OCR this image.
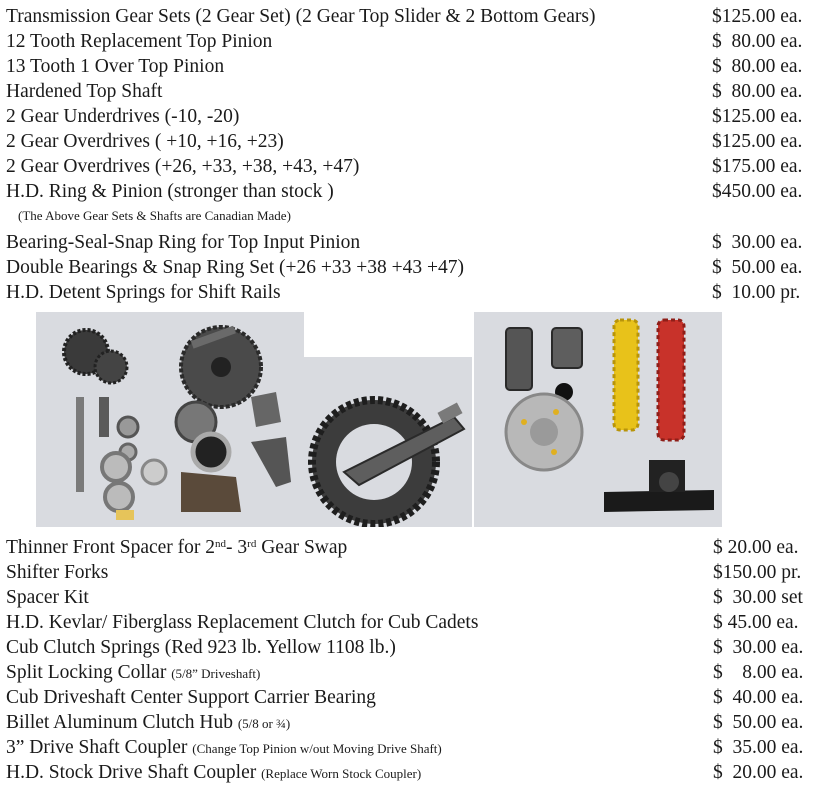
Transmission Gear Sets (2 Gear Set) (2 Gear Top Slider & 2 Bottom Gears)	$125.00 ea.
12 Tooth Replacement Top Pinion	$  80.00 ea.
13 Tooth 1 Over Top Pinion	$  80.00 ea.
Hardened Top Shaft	$  80.00 ea.
2 Gear Underdrives (-10, -20)	$125.00 ea.
2 Gear Overdrives ( +10, +16, +23)	$125.00 ea.
2 Gear Overdrives (+26, +33, +38, +43, +47)	$175.00 ea.
H.D. Ring & Pinion (stronger than stock )	$450.00 ea.
(The Above Gear Sets & Shafts are Canadian Made)
Bearing-Seal-Snap Ring for Top Input Pinion	$  30.00 ea.
Double Bearings & Snap Ring Set (+26 +33 +38 +43 +47)	$  50.00 ea.
H.D. Detent Springs for Shift Rails	$  10.00 pr.
Thinner Front Spacer for 2nd- 3rd Gear Swap	$ 20.00 ea.
Shifter Forks	$150.00 pr.
Spacer Kit	$  30.00 set
H.D. Kevlar/ Fiberglass Replacement Clutch for Cub Cadets	$ 45.00 ea.
Cub Clutch Springs (Red 923 lb. Yellow 1108 lb.)	$  30.00 ea.
Split Locking Collar (5/8” Driveshaft)	$    8.00 ea.
Cub Driveshaft Center Support Carrier Bearing	$  40.00 ea.
Billet Aluminum Clutch Hub (5/8 or ¾)	$  50.00 ea.
3” Drive Shaft Coupler (Change Top Pinion w/out Moving Drive Shaft)	$  35.00 ea.
H.D. Stock Drive Shaft Coupler (Replace Worn Stock Coupler)	$  20.00 ea.
